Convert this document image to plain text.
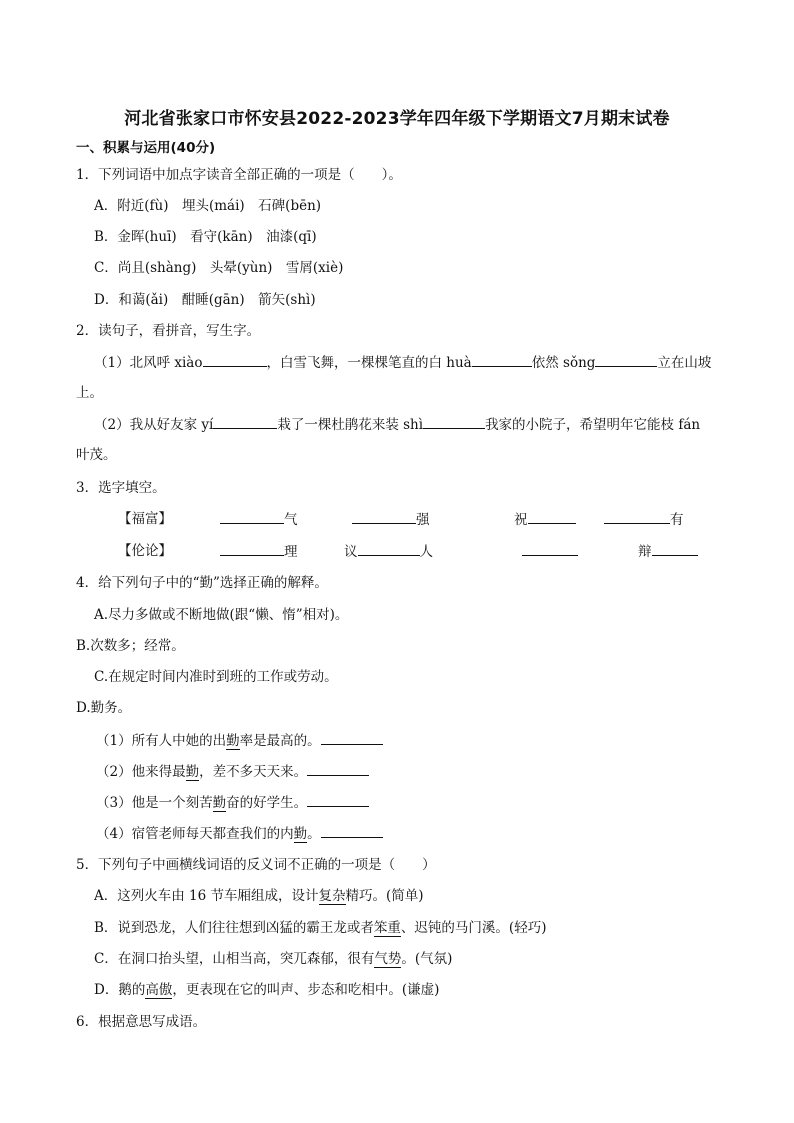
河北省张家口市怀安县2022-2023学年四年级下学期语文7月期末试卷
一、积累与运用(40分)
1．下列词语中加点字读音全部正确的一项是（　　）。
A．附近(fù)　埋头(mái)　石碑(bēn)
B．金晖(huī)　看守(kān)　油漆(qī)
C．尚且(shàng)　头晕(yùn)　雪屑(xiè)
D．和蔼(ǎi)　酣睡(gān)　箭矢(shì)
2．读句子，看拼音，写生字。
（1）北风呼 xiào	，白雪飞舞，一棵棵笔直的白 huà	依然 sǒng	立在山坡
上。
（2）我从好友家 yí	栽了一棵杜鹃花来装 shì	我家的小院子，希望明年它能枝 fán
叶茂。
3．选字填空。
【福富】	气	强	祝	有
【伦论】	理	议	人	辩
4．给下列句子中的“勤”选择正确的解释。
A.尽力多做或不断地做(跟“懒、惰”相对)。
B.次数多；经常。
C.在规定时间内准时到班的工作或劳动。
D.勤务。
（1）所有人中她的出勤率是最高的。
（2）他来得最勤，差不多天天来。
（3）他是一个刻苦勤奋的好学生。
（4）宿管老师每天都查我们的内勤。
5．下列句子中画横线词语的反义词不正确的一项是（　　）
A．这列火车由 16 节车厢组成，设计复杂精巧。(简单)
B．说到恐龙，人们往往想到凶猛的霸王龙或者笨重、迟钝的马门溪。(轻巧)
C．在洞口抬头望，山相当高，突兀森郁，很有气势。(气氛)
D．鹅的高傲，更表现在它的叫声、步态和吃相中。(谦虚)
6．根据意思写成语。
